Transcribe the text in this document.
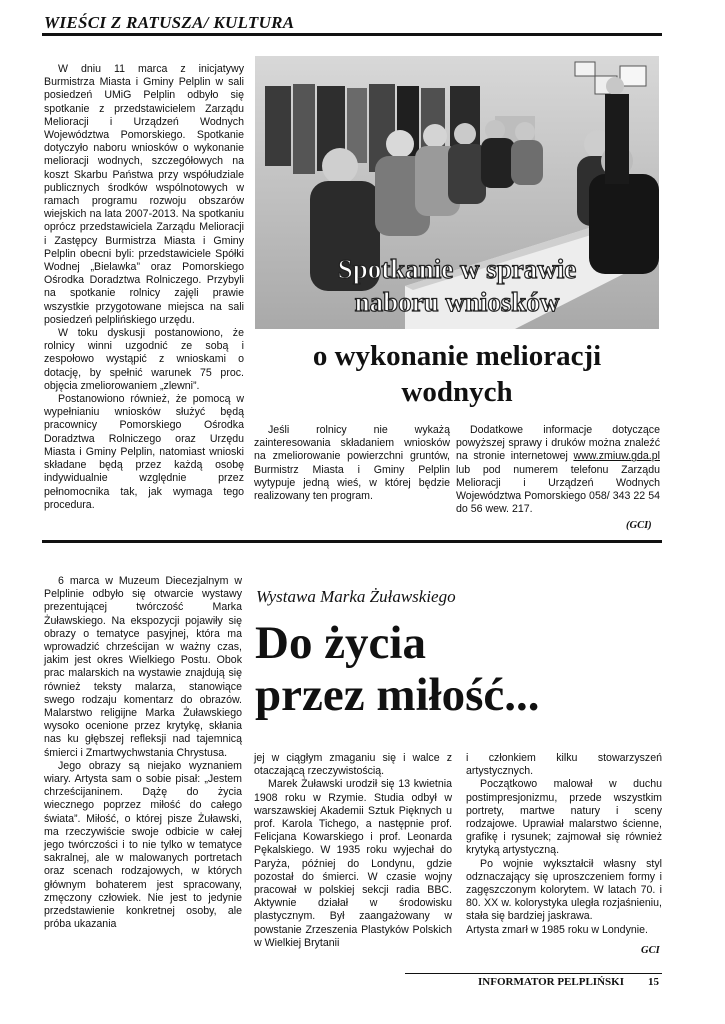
WIEŚCI Z RATUSZA/ KULTURA

W dniu 11 marca z inicjatywy Burmistrza Miasta i Gminy Pelplin w sali posiedzeń UMiG Pelplin odbyło się spotkanie z przedstawicielem Zarządu Melioracji i Urządzeń Wodnych Województwa Pomorskiego. Spotkanie dotyczyło naboru wniosków o wykonanie melioracji wodnych, szczegółowych na koszt Skarbu Państwa przy współudziale publicznych środków wspólnotowych w ramach programu rozwoju obszarów wiejskich na lata 2007-2013. Na spotkaniu oprócz przedstawiciela Zarządu Melioracji i Zastępcy Burmistrza Miasta i Gminy Pelplin obecni byli: przedstawiciele Spółki Wodnej „Bielawka” oraz Pomorskiego Ośrodka Doradztwa Rolniczego. Przybyli na spotkanie rolnicy zajęli prawie wszystkie przygotowane miejsca na sali posiedzeń pelplińskiego urzędu.

W toku dyskusji postanowiono, że rolnicy winni uzgodnić ze sobą i zespołowo wystąpić z wnioskami o dotację, by spełnić warunek 75 proc. objęcia zmeliorowaniem „zlewni”.

Postanowiono również, że pomocą w wypełnianiu wniosków służyć będą pracownicy Pomorskiego Ośrodka Doradztwa Rolniczego oraz Urzędu Miasta i Gminy Pelplin, natomiast wnioski składane będą przez każdą osobę indywidualnie względnie przez pełnomocnika tak, jak wymaga tego procedura.

Spotkanie w sprawie
naboru wniosków
o wykonanie melioracji
wodnych

Jeśli rolnicy nie wykażą zainteresowania składaniem wniosków na zmeliorowanie powierzchni gruntów, Burmistrz Miasta i Gminy Pelplin wytypuje jedną wieś, w której będzie realizowany ten program.

Dodatkowe informacje dotyczące powyższej sprawy i druków można znaleźć na stronie internetowej www.zmiuw.gda.pl lub pod numerem telefonu Zarządu Melioracji i Urządzeń Wodnych Województwa Pomorskiego 058/ 343 22 54 do 56 wew. 217.

(GCI)

6 marca w Muzeum Diecezjalnym w Pelplinie odbyło się otwarcie wystawy prezentującej twórczość Marka Żuławskiego. Na ekspozycji pojawiły się obrazy o tematyce pasyjnej, która ma wprowadzić chrześcijan w ważny czas, jakim jest okres Wielkiego Postu. Obok prac malarskich na wystawie znajdują się również teksty malarza, stanowiące swego rodzaju komentarz do obrazów. Malarstwo religijne Marka Żuławskiego wysoko ocenione przez krytykę, skłania nas ku głębszej refleksji nad tajemnicą śmierci i Zmartwychwstania Chrystusa.

Jego obrazy są niejako wyznaniem wiary. Artysta sam o sobie pisał: „Jestem chrześcijaninem. Dążę do życia wiecznego poprzez miłość do całego świata”. Miłość, o której pisze Żuławski, ma rzeczywiście swoje odbicie w całej jego twórczości i to nie tylko w tematyce sakralnej, ale w malowanych portretach oraz scenach rodzajowych, w których głównym bohaterem jest spracowany, zmęczony człowiek. Nie jest to jedynie przedstawienie konkretnej osoby, ale próba ukazania

Wystawa Marka Żuławskiego
Do życia
przez miłość...

jej w ciągłym zmaganiu się i walce z otaczającą rzeczywistością.

Marek Żuławski urodził się 13 kwietnia 1908 roku w Rzymie. Studia odbył w warszawskiej Akademii Sztuk Pięknych u prof. Karola Tichego, a następnie prof. Felicjana Kowarskiego i prof. Leonarda Pękalskiego. W 1935 roku wyjechał do Paryża, później do Londynu, gdzie pozostał do śmierci. W czasie wojny pracował w polskiej sekcji radia BBC. Aktywnie działał w środowisku plastycznym. Był zaangażowany w powstanie Zrzeszenia Plastyków Polskich w Wielkiej Brytanii

i członkiem kilku stowarzyszeń artystycznych.

Początkowo malował w duchu postimpresjonizmu, przede wszystkim portrety, martwe natury i sceny rodzajowe. Uprawiał malarstwo ścienne, grafikę i rysunek; zajmował się również krytyką artystyczną.

Po wojnie wykształcił własny styl odznaczający się uproszczeniem formy i zagęszczonym kolorytem. W latach 70. i 80. XX w. kolorystyka uległa rozjaśnieniu, stała się bardziej jaskrawa.

Artysta zmarł w 1985 roku w Londynie.

GCI
INFORMATOR PELPLIŃSKI 15
